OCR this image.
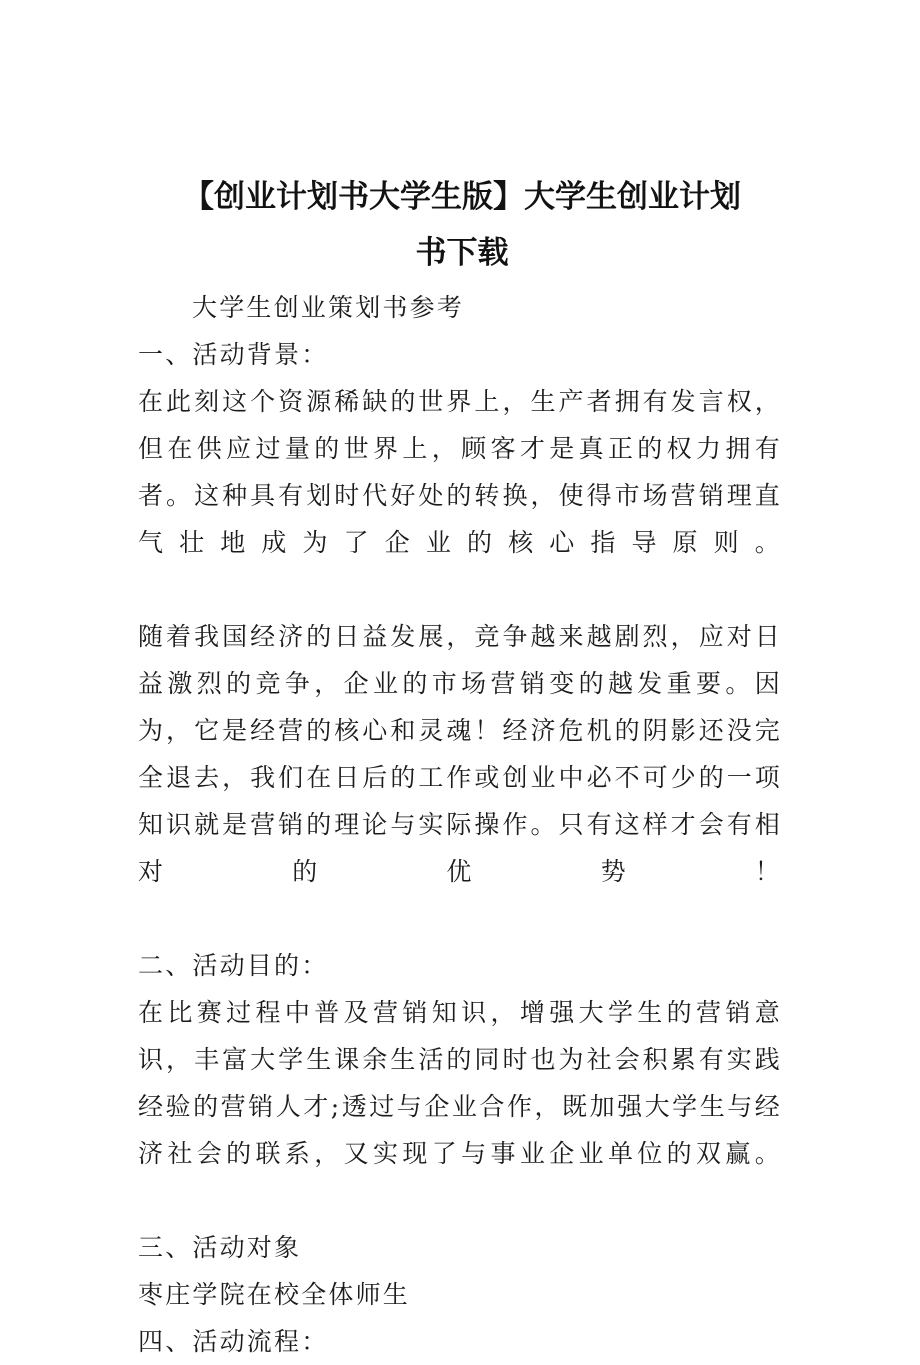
【创业计划书大学生版】大学生创业计划
书下载

大学生创业策划书参考

一、活动背景：

在此刻这个资源稀缺的世界上，生产者拥有发言权，但在供应过量的世界上，顾客才是真正的权力拥有者。这种具有划时代好处的转换，使得市场营销理直气壮地成为了企业的核心指导原则。

随着我国经济的日益发展，竞争越来越剧烈，应对日益激烈的竞争，企业的市场营销变的越发重要。因为，它是经营的核心和灵魂！经济危机的阴影还没完全退去，我们在日后的工作或创业中必不可少的一项知识就是营销的理论与实际操作。只有这样才会有相对的优势！

二、活动目的：

在比赛过程中普及营销知识，增强大学生的营销意识，丰富大学生课余生活的同时也为社会积累有实践经验的营销人才;透过与企业合作，既加强大学生与经济社会的联系，又实现了与事业企业单位的双赢。

三、活动对象

枣庄学院在校全体师生

四、活动流程：
